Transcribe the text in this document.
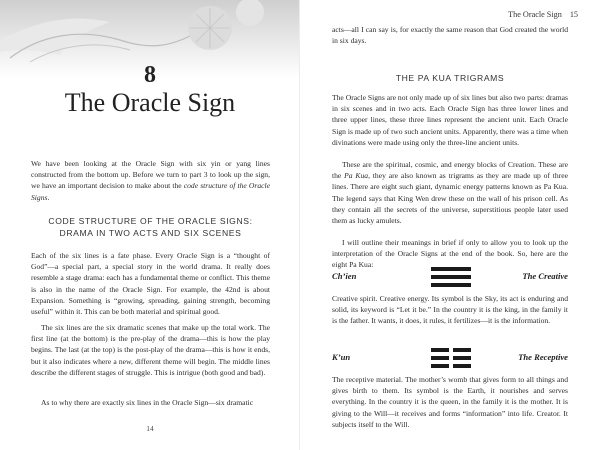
8
The Oracle Sign

We have been looking at the Oracle Sign with six yin or yang lines constructed from the bottom up. Before we turn to part 3 to look up the sign, we have an important decision to make about the code structure of the Oracle Signs.

CODE STRUCTURE OF THE ORACLE SIGNS:
DRAMA IN TWO ACTS AND SIX SCENES

Each of the six lines is a fate phase. Every Oracle Sign is a “thought of God”—a special part, a special story in the world drama. It really does resemble a stage drama: each has a fundamental theme or conflict. This theme is also in the name of the Oracle Sign. For example, the 42nd is about Expansion. Something is “growing, spreading, gaining strength, becoming useful” within it. This can be both material and spiritual good.

The six lines are the six dramatic scenes that make up the total work. The first line (at the bottom) is the pre-play of the drama—this is how the play begins. The last (at the top) is the post-play of the drama—this is how it ends, but it also indicates where a new, different theme will begin. The middle lines describe the different stages of struggle. This is intrigue (both good and bad).

As to why there are exactly six lines in the Oracle Sign—six dramatic

14
The Oracle Sign 15

acts—all I can say is, for exactly the same reason that God created the world in six days.

THE PA KUA TRIGRAMS

The Oracle Signs are not only made up of six lines but also two parts: dramas in six scenes and in two acts. Each Oracle Sign has three lower lines and three upper lines, these three lines represent the ancient unit. Each Oracle Sign is made up of two such ancient units. Apparently, there was a time when divinations were made using only the three-line ancient units.

These are the spiritual, cosmic, and energy blocks of Creation. These are the Pa Kua, they are also known as trigrams as they are made up of three lines. There are eight such giant, dynamic energy patterns known as Pa Kua. The legend says that King Wen drew these on the wall of his prison cell. As they contain all the secrets of the universe, superstitious people later used them as lucky amulets.

I will outline their meanings in brief if only to allow you to look up the interpretation of the Oracle Signs at the end of the book. So, here are the eight Pa Kua:

Ch’ien	The Creative

Creative spirit. Creative energy. Its symbol is the Sky, its act is enduring and solid, its keyword is “Let it be.” In the country it is the king, in the family it is the father. It wants, it does, it rules, it fertilizes—it is the information.

K’un	The Receptive

The receptive material. The mother’s womb that gives form to all things and gives birth to them. Its symbol is the Earth, it nourishes and serves everything. In the country it is the queen, in the family it is the mother. It is giving to the Will—it receives and forms “information” into life. Creator. It subjects itself to the Will.
